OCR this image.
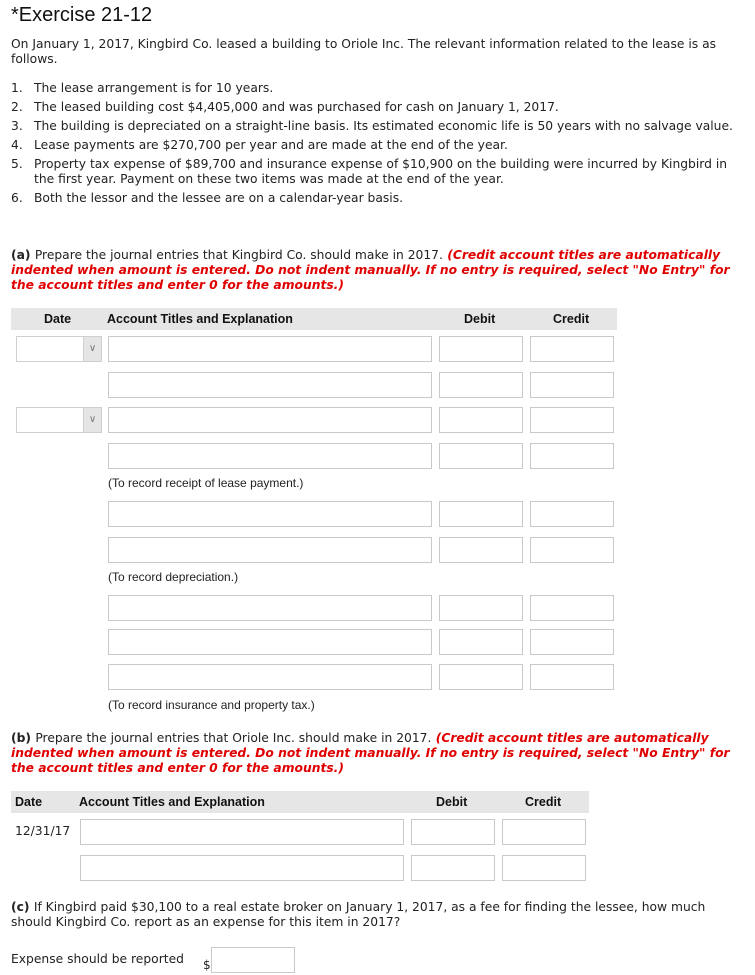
*Exercise 21-12
On January 1, 2017, Kingbird Co. leased a building to Oriole Inc. The relevant information related to the lease is as follows.
1. The lease arrangement is for 10 years.
2. The leased building cost $4,405,000 and was purchased for cash on January 1, 2017.
3. The building is depreciated on a straight-line basis. Its estimated economic life is 50 years with no salvage value.
4. Lease payments are $270,700 per year and are made at the end of the year.
5. Property tax expense of $89,700 and insurance expense of $10,900 on the building were incurred by Kingbird in the first year. Payment on these two items was made at the end of the year.
6. Both the lessor and the lessee are on a calendar-year basis.
(a) Prepare the journal entries that Kingbird Co. should make in 2017. (Credit account titles are automatically indented when amount is entered. Do not indent manually. If no entry is required, select "No Entry" for the account titles and enter 0 for the amounts.)
Date	Account Titles and Explanation	Debit	Credit
∨
∨
(To record receipt of lease payment.)
(To record depreciation.)
(To record insurance and property tax.)
(b) Prepare the journal entries that Oriole Inc. should make in 2017. (Credit account titles are automatically indented when amount is entered. Do not indent manually. If no entry is required, select "No Entry" for the account titles and enter 0 for the amounts.)
Date	Account Titles and Explanation	Debit	Credit
12/31/17
(c) If Kingbird paid $30,100 to a real estate broker on January 1, 2017, as a fee for finding the lessee, how much should Kingbird Co. report as an expense for this item in 2017?
Expense should be reported $
